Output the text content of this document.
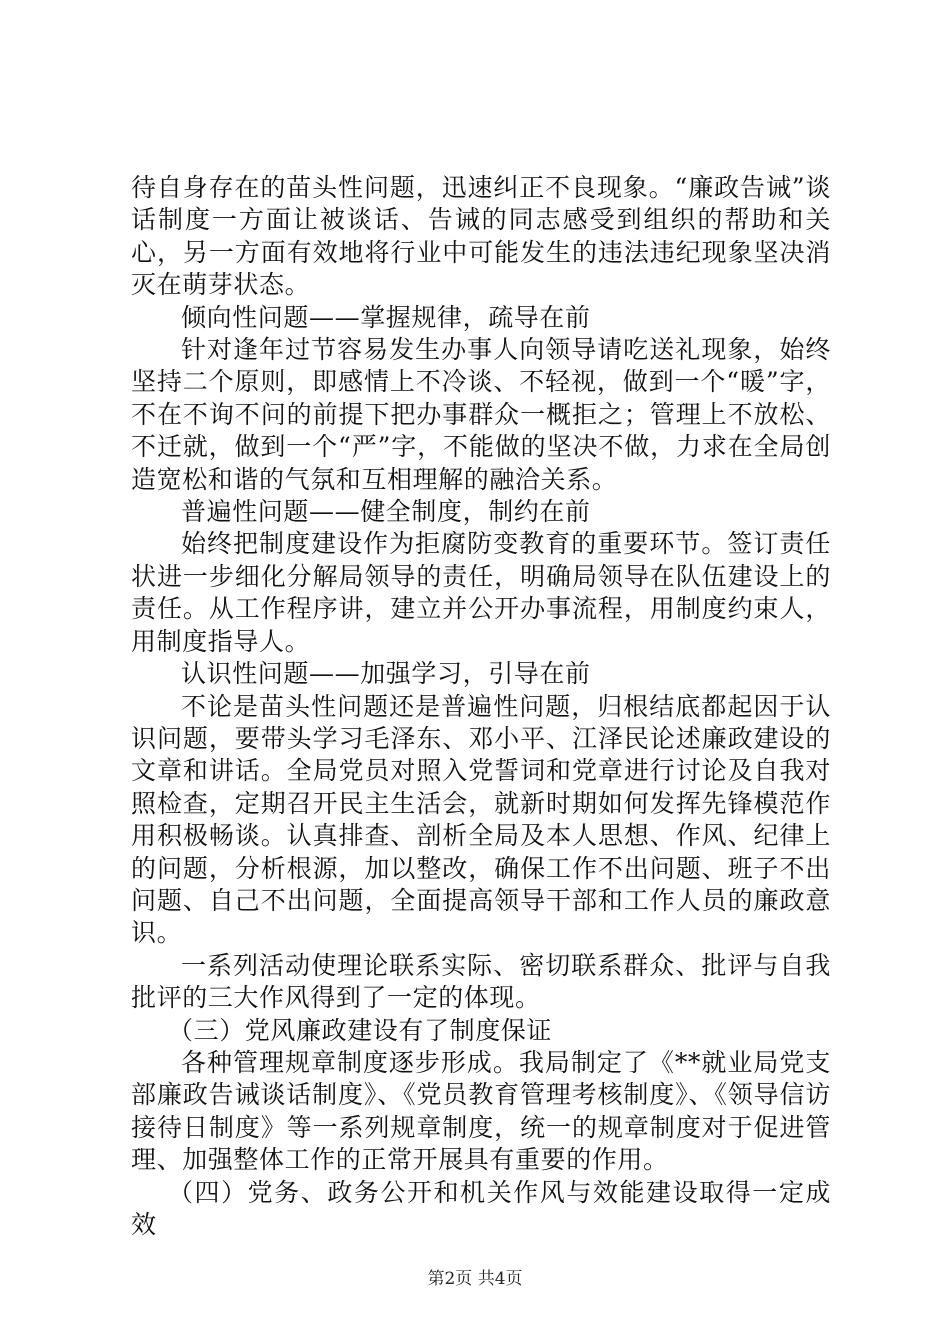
待自身存在的苗头性问题，迅速纠正不良现象。“廉政告诫”谈话制度一方面让被谈话、告诫的同志感受到组织的帮助和关心，另一方面有效地将行业中可能发生的违法违纪现象坚决消灭在萌芽状态。

倾向性问题——掌握规律，疏导在前

针对逢年过节容易发生办事人向领导请吃送礼现象，始终坚持二个原则，即感情上不冷谈、不轻视，做到一个“暖”字，不在不询不问的前提下把办事群众一概拒之；管理上不放松、不迁就，做到一个“严”字，不能做的坚决不做，力求在全局创造宽松和谐的气氛和互相理解的融洽关系。

普遍性问题——健全制度，制约在前

始终把制度建设作为拒腐防变教育的重要环节。签订责任状进一步细化分解局领导的责任，明确局领导在队伍建设上的责任。从工作程序讲，建立并公开办事流程，用制度约束人，用制度指导人。

认识性问题——加强学习，引导在前

不论是苗头性问题还是普遍性问题，归根结底都起因于认识问题，要带头学习毛泽东、邓小平、江泽民论述廉政建设的文章和讲话。全局党员对照入党誓词和党章进行讨论及自我对照检查，定期召开民主生活会，就新时期如何发挥先锋模范作用积极畅谈。认真排查、剖析全局及本人思想、作风、纪律上的问题，分析根源，加以整改，确保工作不出问题、班子不出问题、自己不出问题，全面提高领导干部和工作人员的廉政意识。

一系列活动使理论联系实际、密切联系群众、批评与自我批评的三大作风得到了一定的体现。

（三）党风廉政建设有了制度保证

各种管理规章制度逐步形成。我局制定了《**就业局党支部廉政告诫谈话制度》、《党员教育管理考核制度》、《领导信访接待日制度》等一系列规章制度，统一的规章制度对于促进管理、加强整体工作的正常开展具有重要的作用。

（四）党务、政务公开和机关作风与效能建设取得一定成效

第2页 共4页
